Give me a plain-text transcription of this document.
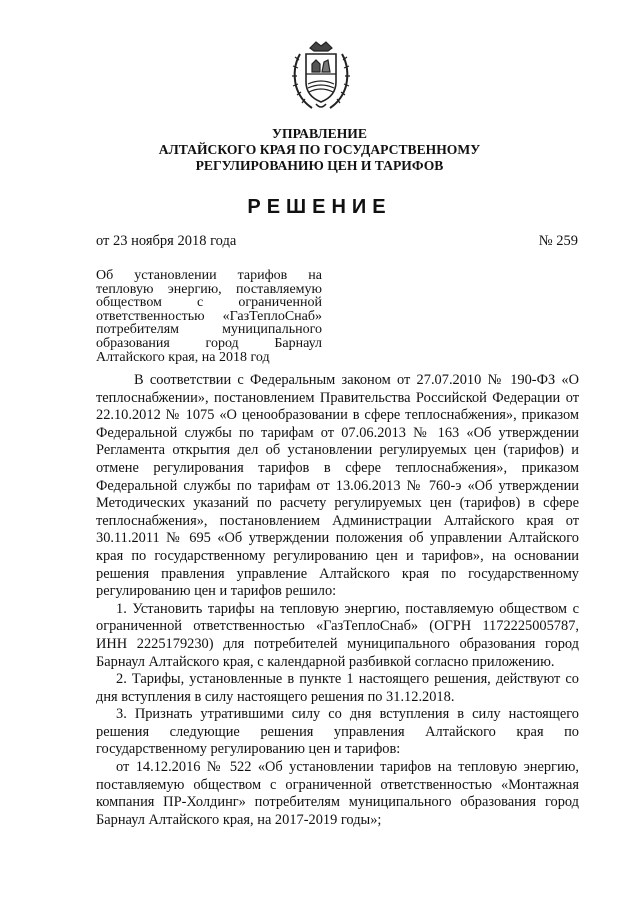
УПРАВЛЕНИЕ
АЛТАЙСКОГО КРАЯ ПО ГОСУДАРСТВЕННОМУ
РЕГУЛИРОВАНИЮ ЦЕН И ТАРИФОВ
РЕШЕНИЕ
от 23 ноября 2018 года	№ 259
Об установлении тарифов на
тепловую энергию, поставляемую
обществом с ограниченной
ответственностью «ГазТеплоСнаб»
потребителям муниципального
образования город Барнаул
Алтайского края, на 2018 год

В соответствии с Федеральным законом от 27.07.2010 № 190-ФЗ «О теплоснабжении», постановлением Правительства Российской Федерации от 22.10.2012 № 1075 «О ценообразовании в сфере теплоснабжения», приказом Федеральной службы по тарифам от 07.06.2013 № 163 «Об утверждении Регламента открытия дел об установлении регулируемых цен (тарифов) и отмене регулирования тарифов в сфере теплоснабжения», приказом Федеральной службы по тарифам от 13.06.2013 № 760-э «Об утверждении Методических указаний по расчету регулируемых цен (тарифов) в сфере теплоснабжения», постановлением Администрации Алтайского края от 30.11.2011 № 695 «Об утверждении положения об управлении Алтайского края по государственному регулированию цен и тарифов», на основании решения правления управление Алтайского края по государственному регулированию цен и тарифов решило:

1. Установить тарифы на тепловую энергию, поставляемую обществом с ограниченной ответственностью «ГазТеплоСнаб» (ОГРН 1172225005787, ИНН 2225179230) для потребителей муниципального образования город Барнаул Алтайского края, с календарной разбивкой согласно приложению.

2. Тарифы, установленные в пункте 1 настоящего решения, действуют со дня вступления в силу настоящего решения по 31.12.2018.

3. Признать утратившими силу со дня вступления в силу настоящего решения следующие решения управления Алтайского края по государственному регулированию цен и тарифов:

от 14.12.2016 № 522 «Об установлении тарифов на тепловую энергию, поставляемую обществом с ограниченной ответственностью «Монтажная компания ПР-Холдинг» потребителям муниципального образования город Барнаул Алтайского края, на 2017-2019 годы»;
